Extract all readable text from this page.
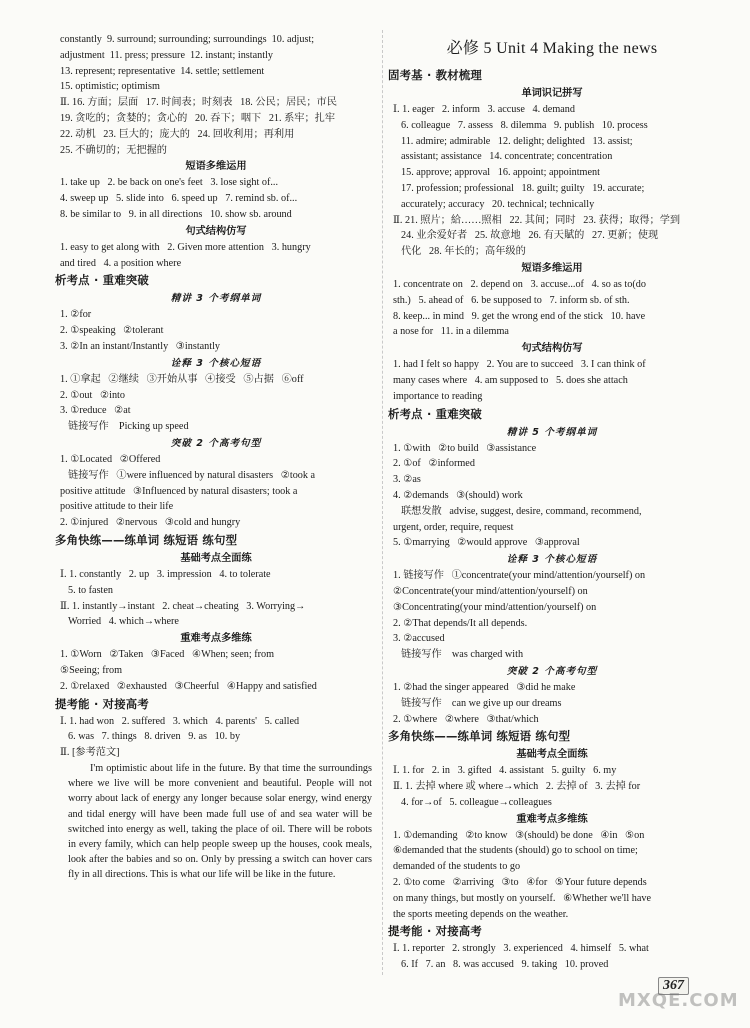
constantly  9. surround; surrounding; surroundings  10. adjust;
adjustment  11. press; pressure  12. instant; instantly
13. represent; representative  14. settle; settlement
15. optimistic; optimism
Ⅱ. 16. 方面；层面   17. 时间表；时刻表   18. 公民；居民；市民
19. 贪吃的；贪婪的；贪心的   20. 吞下；咽下   21. 系牢；扎牢
22. 动机   23. 巨大的；庞大的   24. 回收利用；再利用
25. 不确切的；无把握的
短语多维运用
1. take up   2. be back on one's feet   3. lose sight of...
4. sweep up   5. slide into   6. speed up   7. remind sb. of...
8. be similar to   9. in all directions   10. show sb. around
句式结构仿写
1. easy to get along with   2. Given more attention   3. hungry
and tired   4. a position where
析考点 · 重难突破
精讲 3 个考纲单词
1. ②for
2. ①speaking   ②tolerant
3. ②In an instant/Instantly   ③instantly
诠释 3 个核心短语
1. ①拿起   ②继续   ③开始从事   ④接受   ⑤占据   ⑥off
2. ①out   ②into
3. ①reduce   ②at
链接写作    Picking up speed
突破 2 个高考句型
1. ①Located   ②Offered
链接写作   ①were influenced by natural disasters   ②took a
positive attitude   ③Influenced by natural disasters; took a
positive attitude to their life
2. ①injured   ②nervous   ③cold and hungry
多角快练——练单词 练短语 练句型
基础考点全面练
Ⅰ. 1. constantly   2. up   3. impression   4. to tolerate
5. to fasten
Ⅱ. 1. instantly→instant   2. cheat→cheating   3. Worrying→
Worried   4. which→where
重难考点多维练
1. ①Worn   ②Taken   ③Faced   ④When; seen; from
⑤Seeing; from
2. ①relaxed   ②exhausted   ③Cheerful   ④Happy and satisfied
提考能 · 对接高考
Ⅰ. 1. had won   2. suffered   3. which   4. parents'   5. called
6. was   7. things   8. driven   9. as   10. by
Ⅱ. [参考范文]
I'm optimistic about life in the future. By that time the surroundings where we live will be more convenient and beautiful. People will not worry about lack of energy any longer because solar energy, wind energy and tidal energy will have been made full use of and sea water will be switched into energy as well, taking the place of oil. There will be robots in every family, which can help people sweep up the houses, cook meals, look after the babies and so on. Only by pressing a switch can hover cars fly in all directions. This is what our life will be like in the future.
必修 5 Unit 4 Making the news
固考基 · 教材梳理
单词识记拼写
Ⅰ. 1. eager   2. inform   3. accuse   4. demand
6. colleague   7. assess   8. dilemma   9. publish   10. process
11. admire; admirable   12. delight; delighted   13. assist;
assistant; assistance   14. concentrate; concentration
15. approve; approval   16. appoint; appointment
17. profession; professional   18. guilt; guilty   19. accurate;
accurately; accuracy   20. technical; technically
Ⅱ. 21. 照片；給……照相   22. 其间；同时   23. 获得；取得；学到
24. 业余爱好者   25. 故意地   26. 有天賦的   27. 更新；使现
代化   28. 年长的；高年级的
短语多维运用
1. concentrate on   2. depend on   3. accuse...of   4. so as to(do
sth.)   5. ahead of   6. be supposed to   7. inform sb. of sth.
8. keep... in mind   9. get the wrong end of the stick   10. have
a nose for   11. in a dilemma
句式结构仿写
1. had I felt so happy   2. You are to succeed   3. I can think of
many cases where   4. am supposed to   5. does she attach
importance to reading
析考点 · 重难突破
精讲 5 个考纲单词
1. ①with   ②to build   ③assistance
2. ①of   ②informed
3. ②as
4. ②demands   ③(should) work
联想发散   advise, suggest, desire, command, recommend,
urgent, order, require, request
5. ①marrying   ②would approve   ③approval
诠释 3 个核心短语
1. 链接写作   ①concentrate(your mind/attention/yourself) on
②Concentrate(your mind/attention/yourself) on
③Concentrating(your mind/attention/yourself) on
2. ②That depends/It all depends.
3. ②accused
链接写作    was charged with
突破 2 个高考句型
1. ②had the singer appeared   ③did he make
链接写作    can we give up our dreams
2. ①where   ②where   ③that/which
多角快练——练单词 练短语 练句型
基础考点全面练
Ⅰ. 1. for   2. in   3. gifted   4. assistant   5. guilty   6. my
Ⅱ. 1. 去掉 where 或 where→which   2. 去掉 of   3. 去掉 for
4. for→of   5. colleague→colleagues
重难考点多维练
1. ①demanding   ②to know   ③(should) be done   ④in   ⑤on
⑥demanded that the students (should) go to school on time;
demanded of the students to go
2. ①to come   ②arriving   ③to   ④for   ⑤Your future depends
on many things, but mostly on yourself.   ⑥Whether we'll have
the sports meeting depends on the weather.
提考能 · 对接高考
Ⅰ. 1. reporter   2. strongly   3. experienced   4. himself   5. what
6. If   7. an   8. was accused   9. taking   10. proved
367
MXQE.COM
